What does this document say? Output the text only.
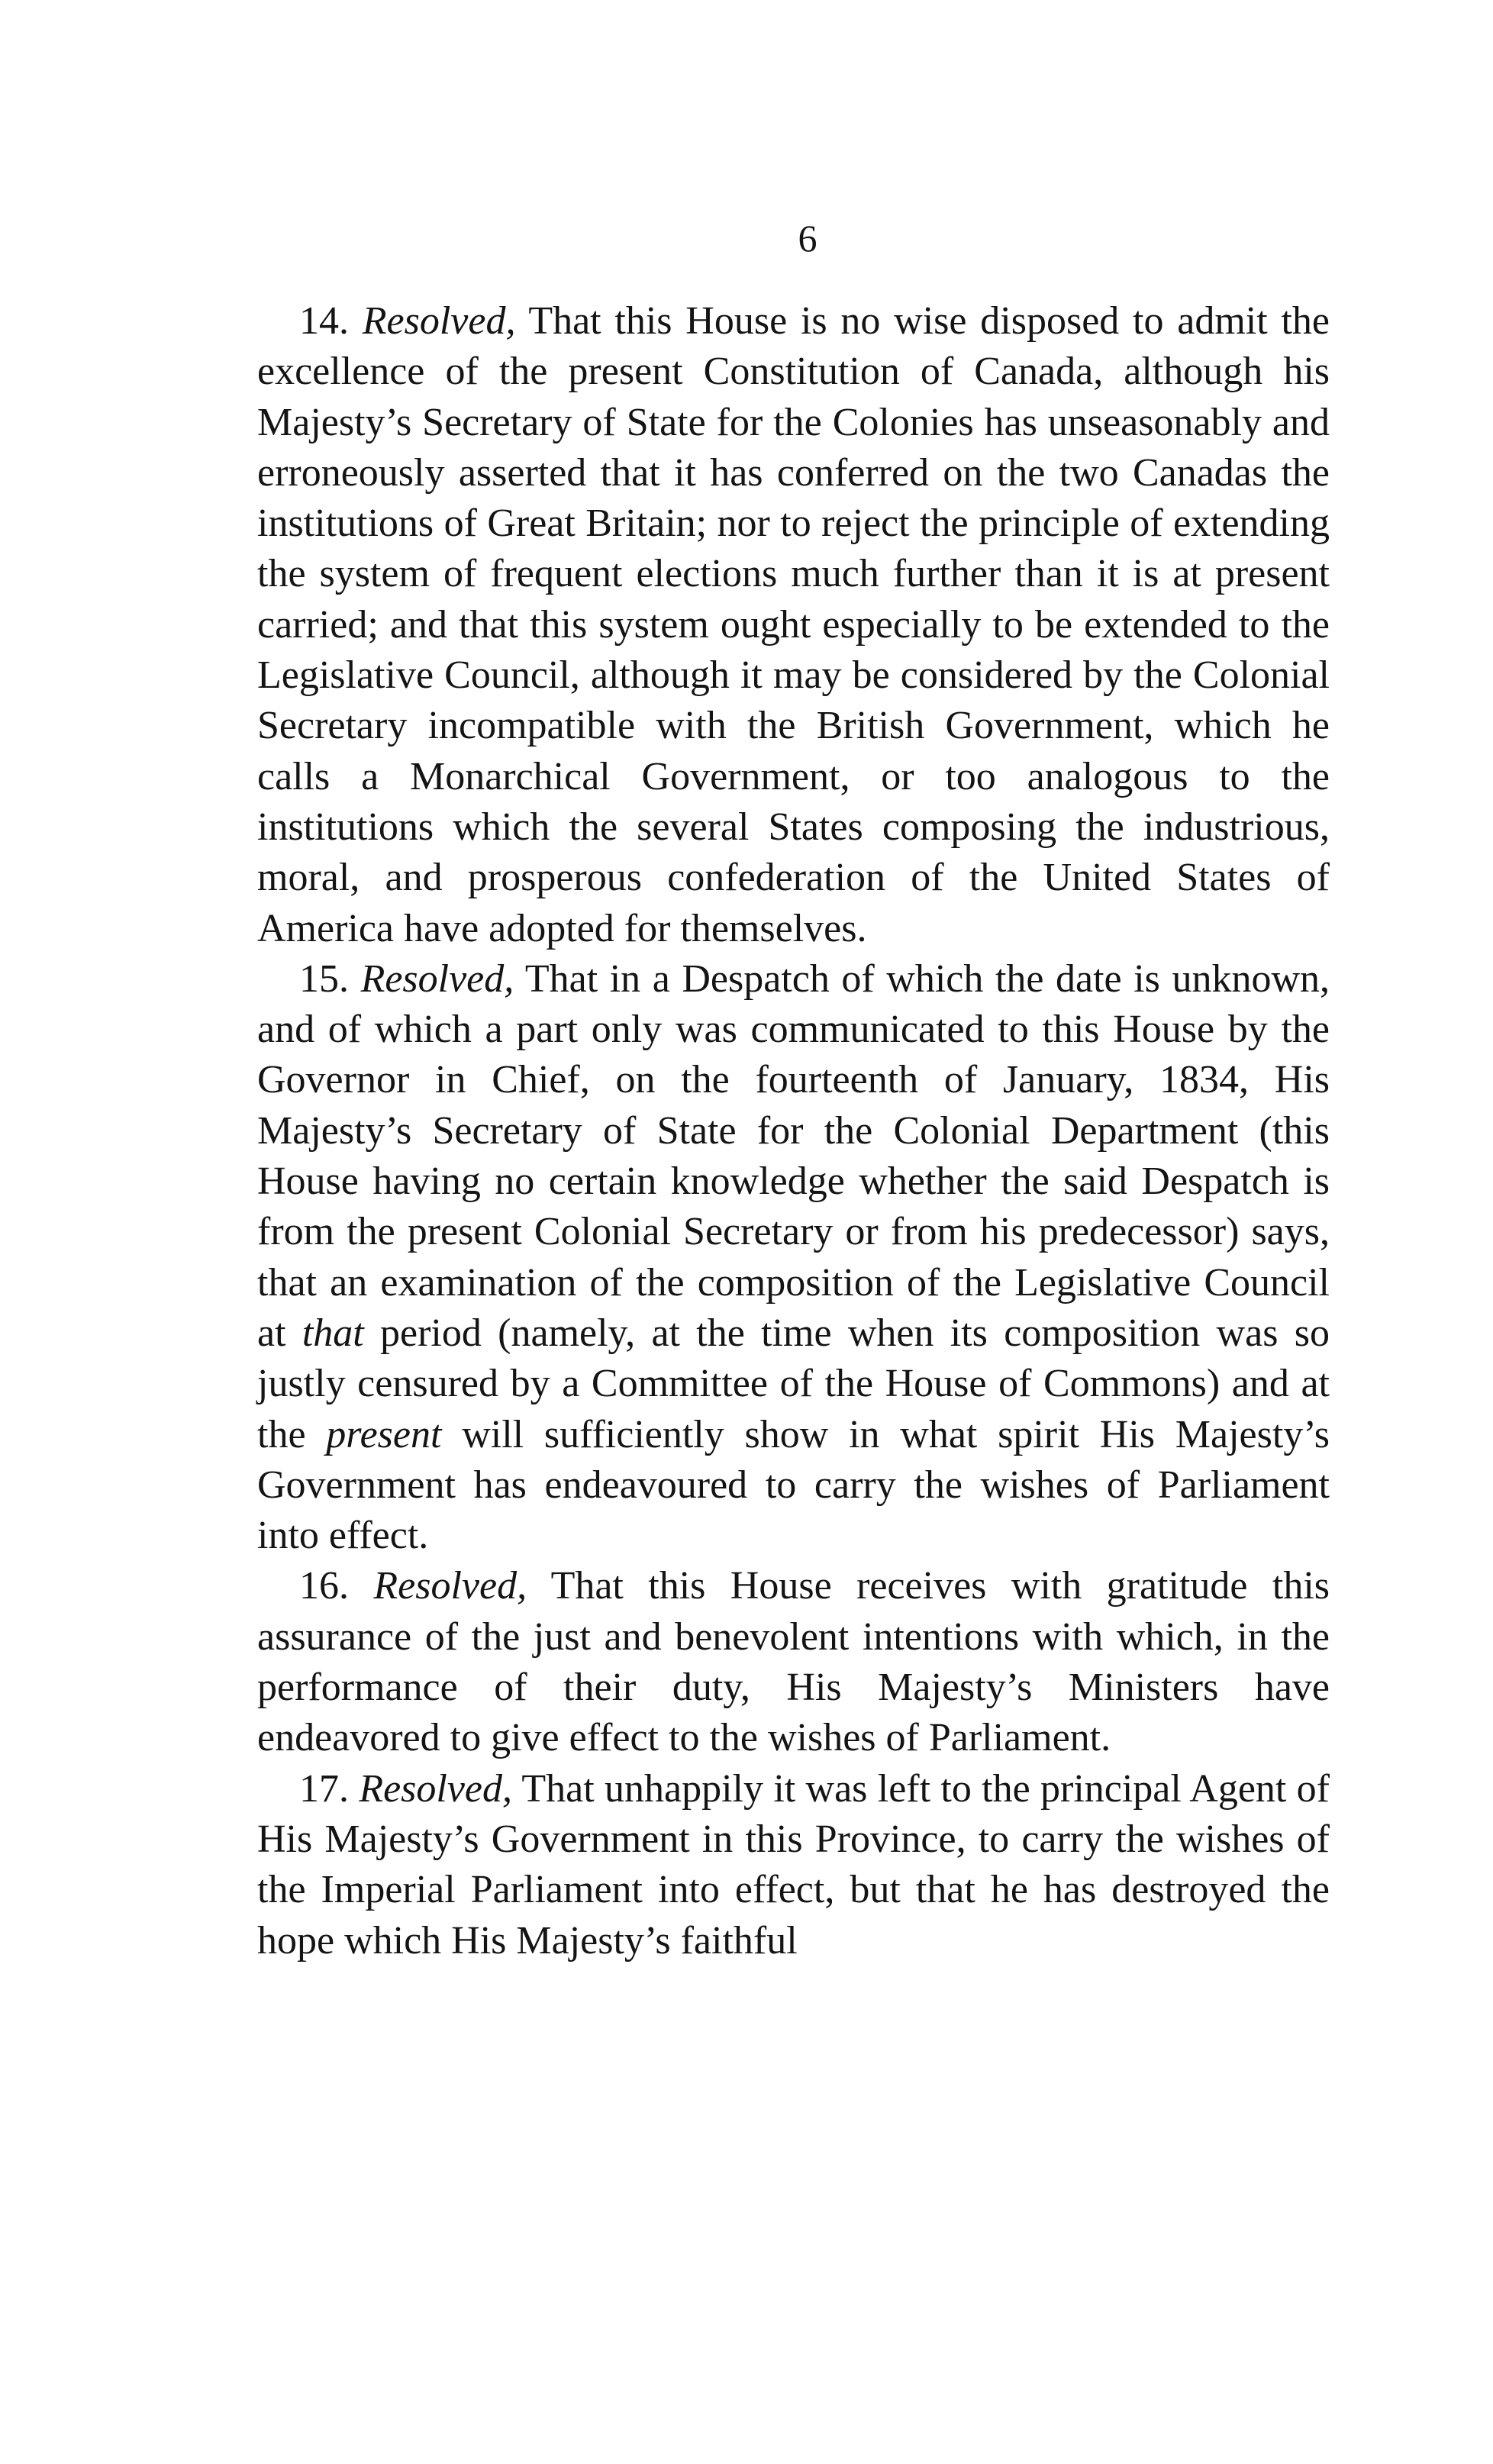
6

14. Resolved, That this House is no wise disposed to admit the excellence of the present Constitution of Canada, although his Majesty’s Secretary of State for the Colonies has unseasonably and erroneously asserted that it has conferred on the two Canadas the institutions of Great Britain; nor to reject the principle of extending the system of frequent elections much further than it is at present carried; and that this system ought especially to be extended to the Legislative Council, although it may be considered by the Colonial Secretary incompatible with the British Government, which he calls a Monarchical Government, or too analogous to the institutions which the several States composing the industrious, moral, and prosperous confederation of the United States of America have adopted for themselves.

15. Resolved, That in a Despatch of which the date is unknown, and of which a part only was communicated to this House by the Governor in Chief, on the fourteenth of January, 1834, His Majesty’s Secretary of State for the Colonial Department (this House having no certain knowledge whether the said Despatch is from the present Colonial Secretary or from his predecessor) says, that an examination of the composition of the Legislative Council at that period (namely, at the time when its composition was so justly censured by a Committee of the House of Commons) and at the present will sufficiently show in what spirit His Majesty’s Government has endeavoured to carry the wishes of Parliament into effect.

16. Resolved, That this House receives with gratitude this assurance of the just and benevolent intentions with which, in the performance of their duty, His Majesty’s Ministers have endeavored to give effect to the wishes of Parliament.

17. Resolved, That unhappily it was left to the principal Agent of His Majesty’s Government in this Province, to carry the wishes of the Imperial Parliament into effect, but that he has destroyed the hope which His Majesty’s faithful
